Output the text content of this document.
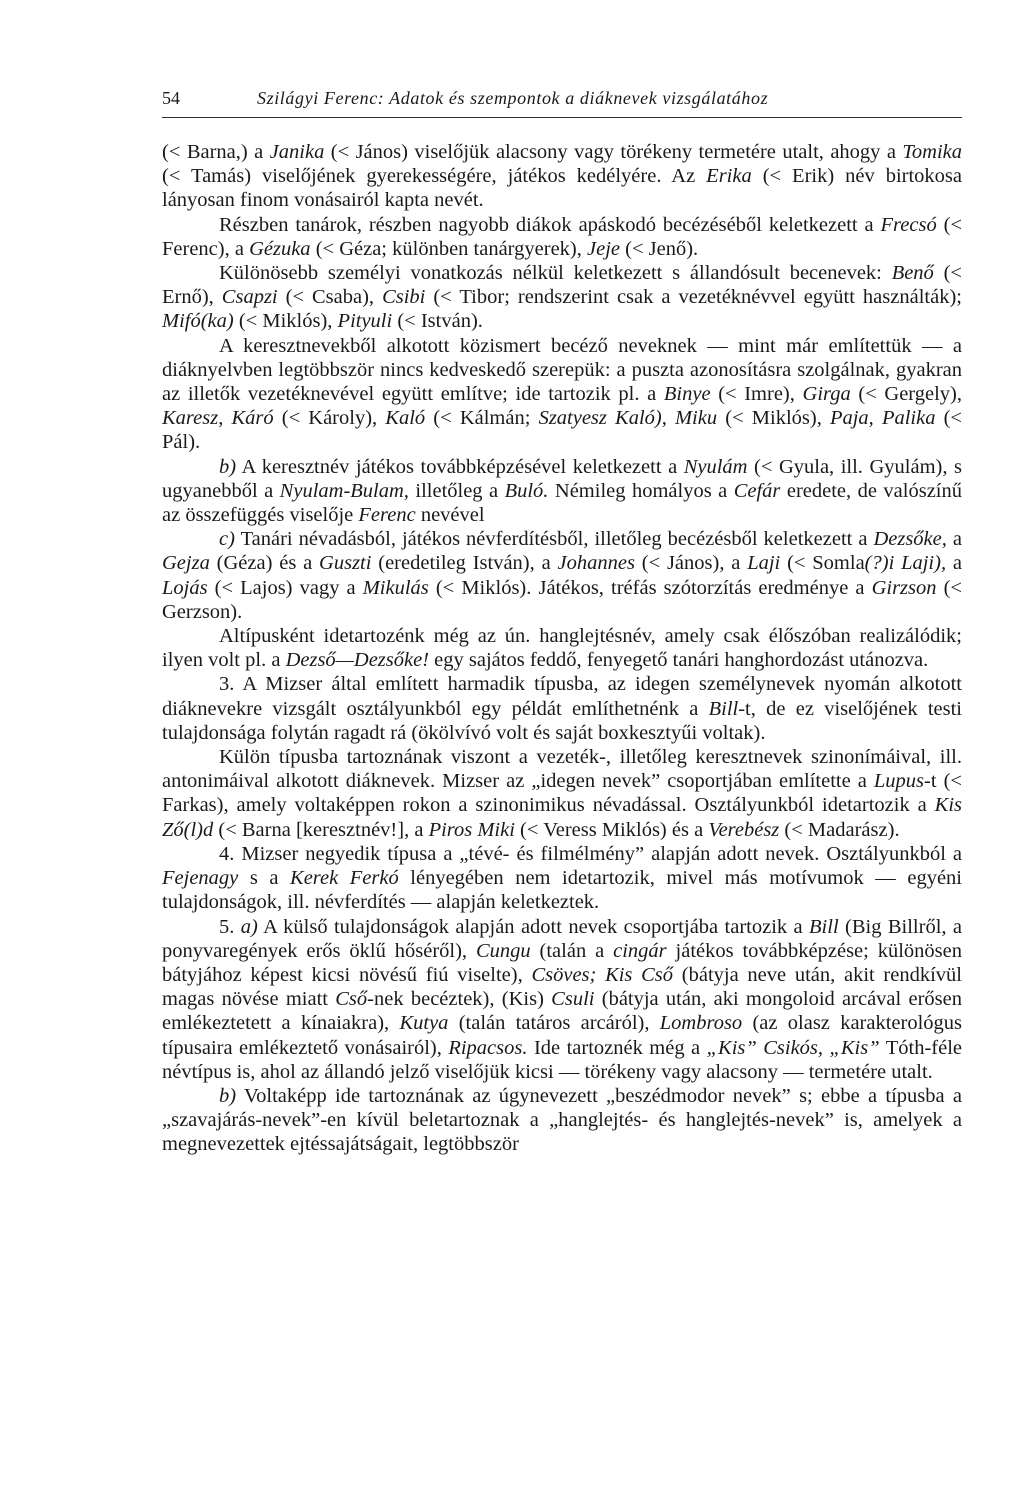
54	Szilágyi Ferenc: Adatok és szempontok a diáknevek vizsgálatához

(< Barna,) a Janika (< János) viselőjük alacsony vagy törékeny termetére utalt, ahogy a Tomika (< Tamás) viselőjének gyerekességére, játékos kedélyére. Az Erika (< Erik) név birtokosa lányosan finom vonásairól kapta nevét.

Részben tanárok, részben nagyobb diákok apáskodó becézéséből keletkezett a Frecsó (< Ferenc), a Gézuka (< Géza; különben tanárgyerek), Jeje (< Jenő).

Különösebb személyi vonatkozás nélkül keletkezett s állandósult becenevek: Benő (< Ernő), Csapzi (< Csaba), Csibi (< Tibor; rendszerint csak a vezetéknévvel együtt használták); Mifó(ka) (< Miklós), Pityuli (< István).

A keresztnevekből alkotott közismert becéző neveknek — mint már említettük — a diáknyelvben legtöbbször nincs kedveskedő szerepük: a puszta azonosításra szolgálnak, gyakran az illetők vezetéknevével együtt említve; ide tartozik pl. a Binye (< Imre), Girga (< Gergely), Karesz, Káró (< Károly), Kaló (< Kálmán; Szatyesz Kaló), Miku (< Miklós), Paja, Palika (< Pál).

b) A keresztnév játékos továbbképzésével keletkezett a Nyulám (< Gyula, ill. Gyulám), s ugyanebből a Nyulam-Bulam, illetőleg a Buló. Némileg homályos a Cefár eredete, de valószínű az összefüggés viselője Ferenc nevével

c) Tanári névadásból, játékos névferdítésből, illetőleg becézésből keletkezett a Dezsőke, a Gejza (Géza) és a Guszti (eredetileg István), a Johannes (< János), a Laji (< Somla(?)i Laji), a Lojás (< Lajos) vagy a Mikulás (< Miklós). Játékos, tréfás szótorzítás eredménye a Girzson (< Gerzson).

Altípusként idetartozénk még az ún. hanglejtésnév, amely csak élőszóban realizálódik; ilyen volt pl. a Dezső—Dezsőke! egy sajátos feddő, fenyegető tanári hanghordozást utánozva.

3. A Mizser által említett harmadik típusba, az idegen személynevek nyomán alkotott diáknevekre vizsgált osztályunkból egy példát említhetnénk a Bill-t, de ez viselőjének testi tulajdonsága folytán ragadt rá (ökölvívó volt és saját boxkesztyűi voltak).

Külön típusba tartoznának viszont a vezeték-, illetőleg keresztnevek szinonímáival, ill. antonimáival alkotott diáknevek. Mizser az „idegen nevek” csoportjában említette a Lupus-t (< Farkas), amely voltaképpen rokon a szinonimikus névadással. Osztályunkból idetartozik a Kis Ző(l)d (< Barna [keresztnév!], a Piros Miki (< Veress Miklós) és a Verebész (< Madarász).

4. Mizser negyedik típusa a „tévé- és filmélmény” alapján adott nevek. Osztályunkból a Fejenagy s a Kerek Ferkó lényegében nem idetartozik, mivel más motívumok — egyéni tulajdonságok, ill. névferdítés — alapján keletkeztek.

5. a) A külső tulajdonságok alapján adott nevek csoportjába tartozik a Bill (Big Billről, a ponyvaregények erős öklű hőséről), Cungu (talán a cingár játékos továbbképzése; különösen bátyjához képest kicsi növésű fiú viselte), Csöves; Kis Cső (bátyja neve után, akit rendkívül magas növése miatt Cső-nek becéztek), (Kis) Csuli (bátyja után, aki mongoloid arcával erősen emlékeztetett a kínaiakra), Kutya (talán tatáros arcáról), Lombroso (az olasz karakterológus típusaira emlékeztető vonásairól), Ripacsos. Ide tartoznék még a „Kis” Csikós, „Kis” Tóth-féle névtípus is, ahol az állandó jelző viselőjük kicsi — törékeny vagy alacsony — termetére utalt.

b) Voltaképp ide tartoznának az úgynevezett „beszédmodor nevek” s; ebbe a típusba a „szavajárás-nevek”-en kívül beletartoznak a „hanglejtés- és hanglejtés-nevek” is, amelyek a megnevezettek ejtéssajátságait, legtöbbször
